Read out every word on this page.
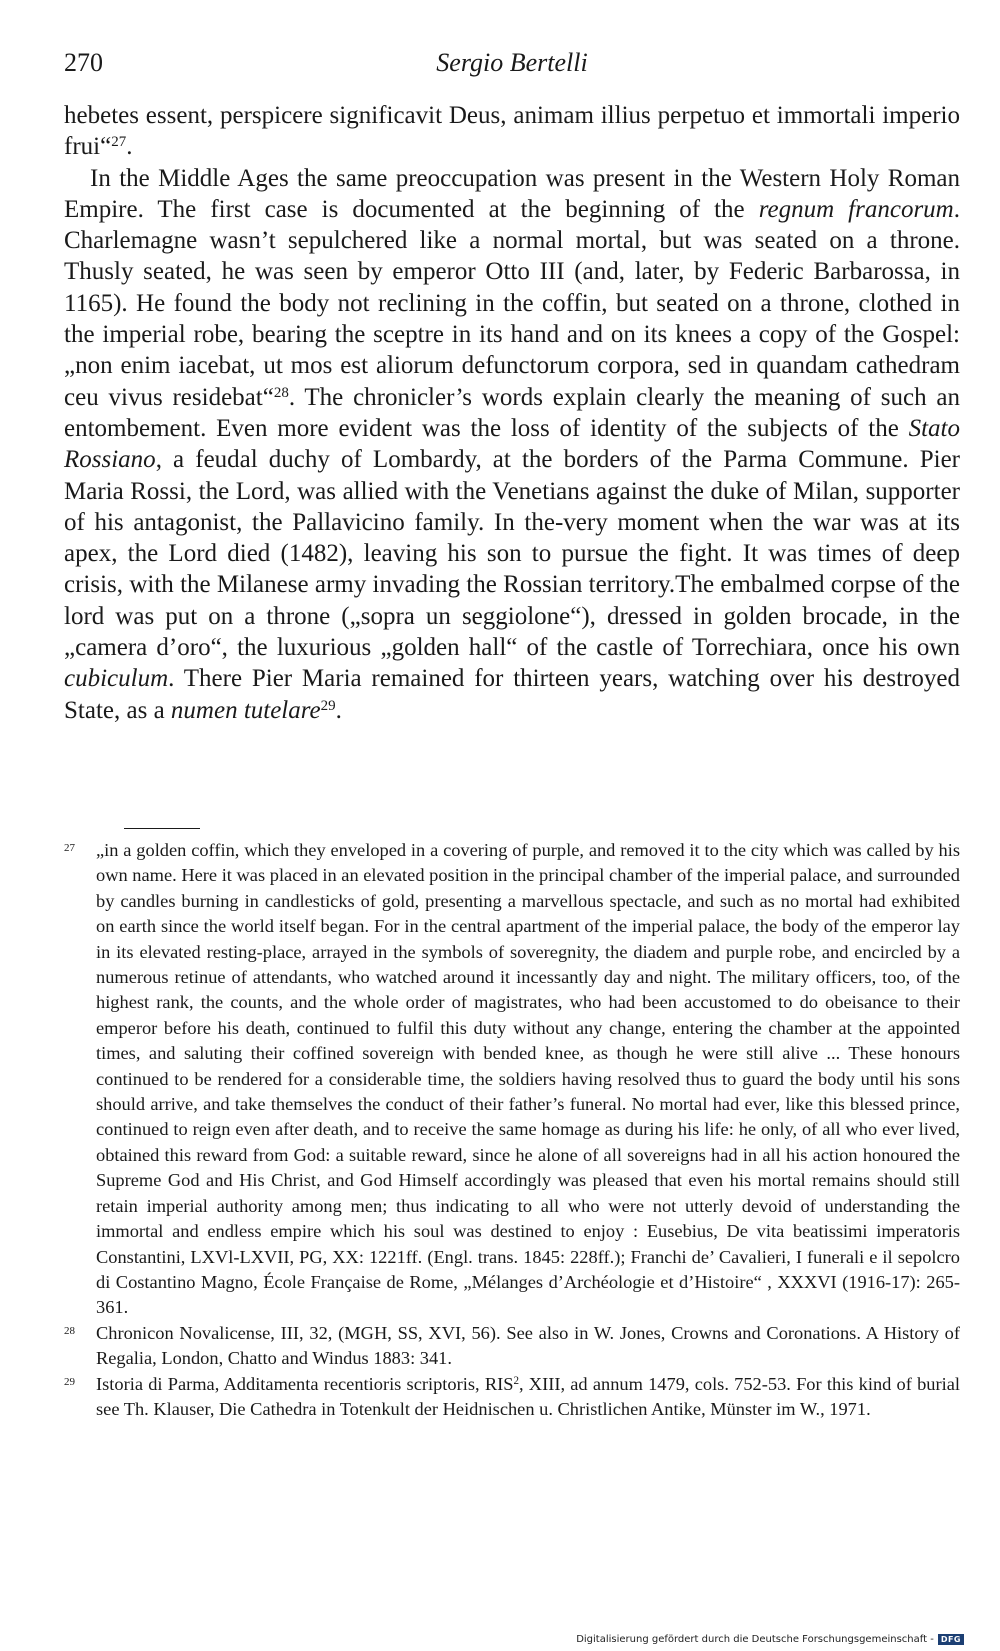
270	Sergio Bertelli

hebetes essent, perspicere significavit Deus, animam illius perpetuo et immortali imperio frui“$^{27}$.

In the Middle Ages the same preoccupation was present in the Western Holy Roman Empire. The first case is documented at the beginning of the regnum francorum. Charlemagne wasn’t sepulchered like a normal mortal, but was seated on a throne. Thusly seated, he was seen by emperor Otto III (and, later, by Federic Barbarossa, in 1165). He found the body not reclining in the coffin, but seated on a throne, clothed in the imperial robe, bearing the sceptre in its hand and on its knees a copy of the Gospel: „non enim iacebat, ut mos est aliorum defunctorum corpora, sed in quandam cathedram ceu vivus residebat“$^{28}$. The chronicler’s words explain clearly the meaning of such an entombement. Even more evident was the loss of identity of the subjects of the Stato Rossiano, a feudal duchy of Lombardy, at the borders of the Parma Commune. Pier Maria Rossi, the Lord, was allied with the Venetians against the duke of Milan, supporter of his antagonist, the Pallavicino family. In the-very moment when the war was at its apex, the Lord died (1482), leaving his son to pursue the fight. It was times of deep crisis, with the Milanese army invading the Rossian territory.The embalmed corpse of the lord was put on a throne („sopra un seggiolone“), dressed in golden brocade, in the „camera d’oro“, the luxurious „golden hall“ of the castle of Torrechiara, once his own cubiculum. There Pier Maria remained for thirteen years, watching over his destroyed State, as a numen tutelare$^{29}$.

27 „in a golden coffin, which they enveloped in a covering of purple, and removed it to the city which was called by his own name. Here it was placed in an elevated position in the principal chamber of the imperial palace, and surrounded by candles burning in candlesticks of gold, presenting a marvellous spectacle, and such as no mortal had exhibited on earth since the world itself began. For in the central apartment of the imperial palace, the body of the emperor lay in its elevated resting-place, arrayed in the symbols of soveregnity, the diadem and purple robe, and encircled by a numerous retinue of attendants, who watched around it incessantly day and night. The military officers, too, of the highest rank, the counts, and the whole order of magistrates, who had been accustomed to do obeisance to their emperor before his death, continued to fulfil this duty without any change, entering the chamber at the appointed times, and saluting their coffined sovereign with bended knee, as though he were still alive ... These honours continued to be rendered for a considerable time, the soldiers having resolved thus to guard the body until his sons should arrive, and take themselves the conduct of their father’s funeral. No mortal had ever, like this blessed prince, continued to reign even after death, and to receive the same homage as during his life: he only, of all who ever lived, obtained this reward from God: a suitable reward, since he alone of all sovereigns had in all his action honoured the Supreme God and His Christ, and God Himself accordingly was pleased that even his mortal remains should still retain imperial authority among men; thus indicating to all who were not utterly devoid of understanding the immortal and endless empire which his soul was destined to enjoy : Eusebius, De vita beatissimi imperatoris Constantini, LXVl-LXVII, PG, XX: 1221ff. (Engl. trans. 1845: 228ff.); Franchi de’ Cavalieri, I funerali e il sepolcro di Costantino Magno, École Française de Rome, „Mélanges d’Archéologie et d’Histoire“ , XXXVI (1916-17): 265-361.

28 Chronicon Novalicense, III, 32, (MGH, SS, XVI, 56). See also in W. Jones, Crowns and Coronations. A History of Regalia, London, Chatto and Windus 1883: 341.

29 Istoria di Parma, Additamenta recentioris scriptoris, RIS$^2$, XIII, ad annum 1479, cols. 752-53. For this kind of burial see Th. Klauser, Die Cathedra in Totenkult der Heidnischen u. Christlichen Antike, Münster im W., 1971.

Digitalisierung gefördert durch die Deutsche Forschungsgemeinschaft - DFG
